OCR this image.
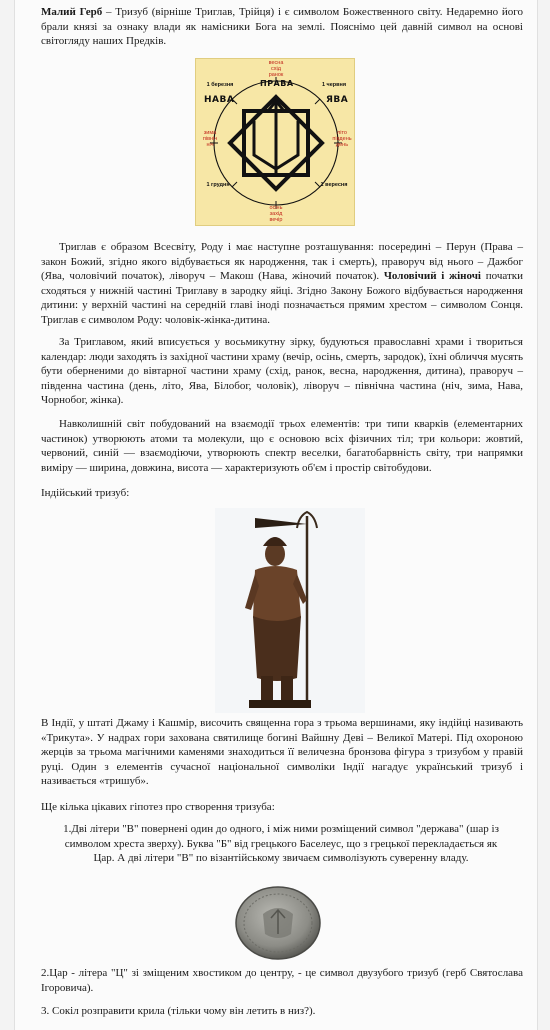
Малий Герб – Тризуб (вірніше Триглав, Трійця) і є символом Божественного світу. Недаремно його брали князі за ознаку влади як намісники Бога на землі. Пояснімо цей давній символ на основі світогляду наших Предків.

весна
схід
ранок
ПРАВА
1 березня	1 червня
НАВА	ЯВА
зима
північ
ніч
літо
південь
день
1 грудня	1 вересня
осінь
захід
вечір

Триглав є образом Всесвіту, Роду і має наступне розташування: посередині – Перун (Права – закон Божий, згідно якого відбувається як народження, так і смерть), праворуч від нього – Дажбог (Ява, чоловічий початок), ліворуч – Макош (Нава, жіночий початок). Чоловічий і жіночі початки сходяться у нижній частині Триглаву в зародку яйці. Згідно Закону Божого відбувається народження дитини: у верхній частині на середній главі іноді позначається прямим хрестом – символом Сонця. Триглав є символом Роду: чоловік-жінка-дитина.

За Триглавом, який вписується у восьмикутну зірку, будуються православні храми і твориться календар: люди заходять із західної частини храму (вечір, осінь, смерть, зародок), їхні обличчя мусять бути оберненими до вівтарної частини храму (схід, ранок, весна, народження, дитина), праворуч – південна частина (день, літо, Ява, Білобог, чоловік), ліворуч – північна частина (ніч, зима, Нава, Чорнобог, жінка).

Навколишній світ побудований на взаємодії трьох елементів: три типи кварків (елементарних частинок) утворюють атоми та молекули, що є основою всіх фізичних тіл; три кольори: жовтий, червоний, синій — взаємодіючи, утворюють спектр веселки, багатобарвність світу, три напрямки виміру — ширина, довжина, висота — характеризують об'єм і простір світобудови.

Індійський тризуб:

В Індії, у штаті Джаму і Кашмір, височить священна гора з трьома вершинами, яку індійці називають «Трикута». У надрах гори захована святилище богині Вайшну Деві – Великої Матері. Під охороною жерців за трьома магічними каменями знаходиться її величезна бронзова фігура з тризубом у правій руці. Один з елементів сучасної національної символіки Індії нагадує український тризуб і називається «тришуб».

Ще кілька цікавих гіпотез про створення тризуба:

1.Дві літери "В" повернені один до одного, і між ними розміщений символ "держава" (шар із символом хреста зверху). Буква "Б" від грецького Баселеус, що з грецької перекладається як Цар. А дві літери "В" по візантійському звичаєм символізують суверенну владу.

2.Цар - літера "Ц" зі зміщеним хвостиком до центру, - це символ двузубого тризуб (герб Святослава Ігоровича).

3. Сокіл розправити крила (тільки чому він летить в низ?).
